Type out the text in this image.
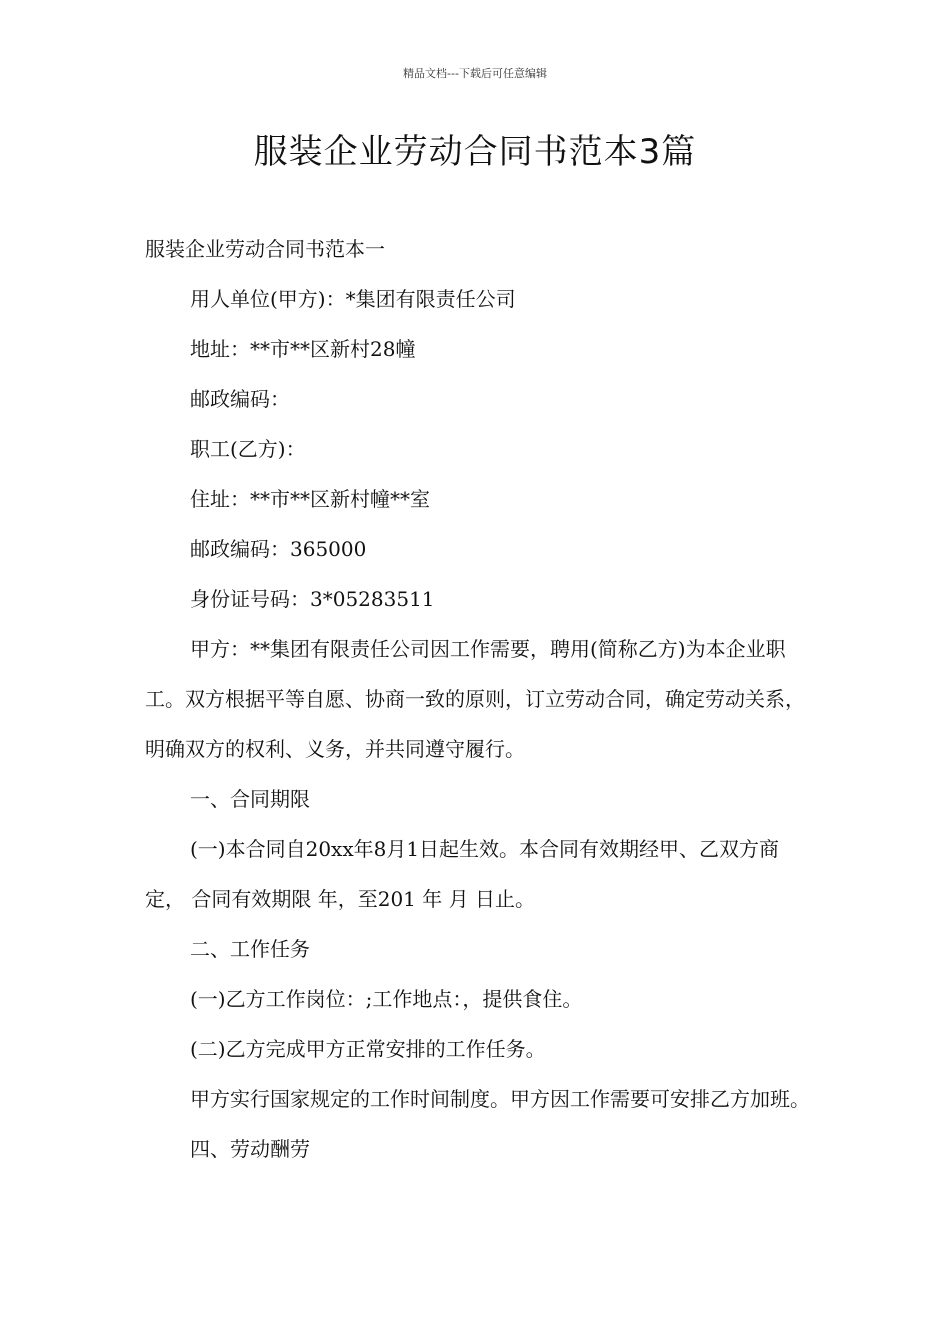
精品文档---下载后可任意编辑
服装企业劳动合同书范本3篇

服装企业劳动合同书范本一

用人单位(甲方)：*集团有限责任公司

地址：**市**区新村28幢

邮政编码：

职工(乙方)：

住址：**市**区新村幢**室

邮政编码：365000

身份证号码：3*05283511

甲方：**集团有限责任公司因工作需要，聘用(简称乙方)为本企业职工。双方根据平等自愿、协商一致的原则，订立劳动合同，确定劳动关系，明确双方的权利、义务，并共同遵守履行。

一、合同期限

(一)本合同自20xx年8月1日起生效。本合同有效期经甲、乙双方商定， 合同有效期限 年，至201 年 月 日止。

二、工作任务

(一)乙方工作岗位：;工作地点：，提供食住。

(二)乙方完成甲方正常安排的工作任务。

甲方实行国家规定的工作时间制度。甲方因工作需要可安排乙方加班。

四、劳动酬劳
